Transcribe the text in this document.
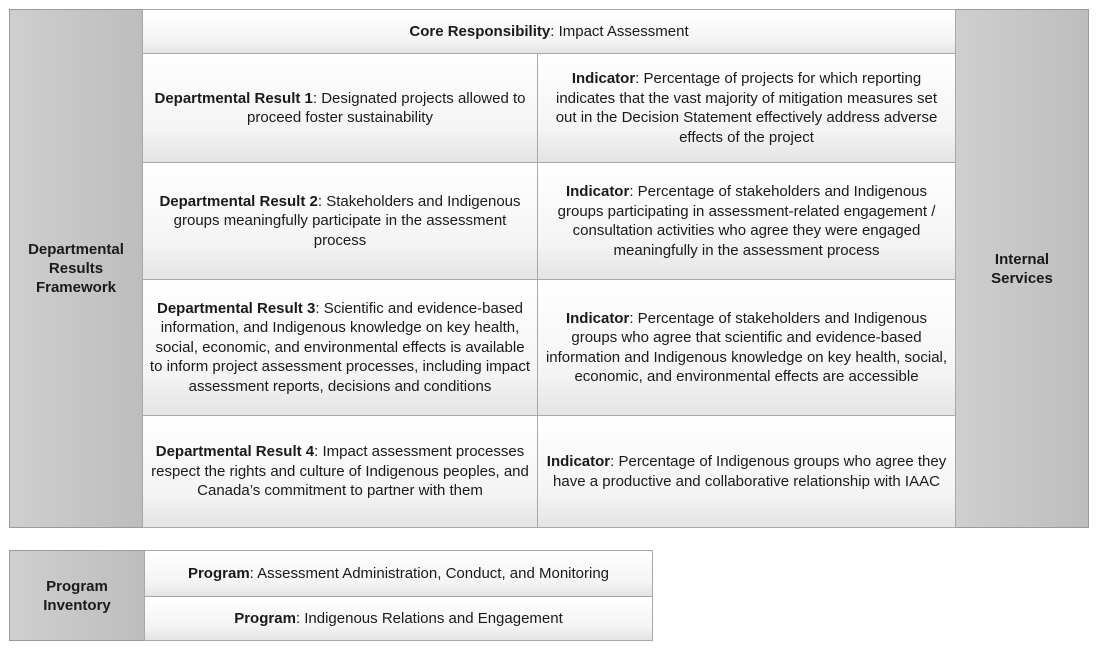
Departmental Results Framework
Internal Services
Core Responsibility: Impact Assessment
Departmental Result 1: Designated projects allowed to proceed foster sustainability
Indicator: Percentage of projects for which reporting indicates that the vast majority of mitigation measures set out in the Decision Statement effectively address adverse effects of the project
Departmental Result 2: Stakeholders and Indigenous groups meaningfully participate in the assessment process
Indicator: Percentage of stakeholders and Indigenous groups participating in assessment-related engagement / consultation activities who agree they were engaged meaningfully in the assessment process
Departmental Result 3: Scientific and evidence-based information, and Indigenous knowledge on key health, social, economic, and environmental effects is available to inform project assessment processes, including impact assessment reports, decisions and conditions
Indicator: Percentage of stakeholders and Indigenous groups who agree that scientific and evidence-based information and Indigenous knowledge on key health, social, economic, and environmental effects are accessible
Departmental Result 4: Impact assessment processes respect the rights and culture of Indigenous peoples, and Canada’s commitment to partner with them
Indicator: Percentage of Indigenous groups who agree they have a productive and collaborative relationship with IAAC
Program Inventory
Program: Assessment Administration, Conduct, and Monitoring
Program: Indigenous Relations and Engagement
